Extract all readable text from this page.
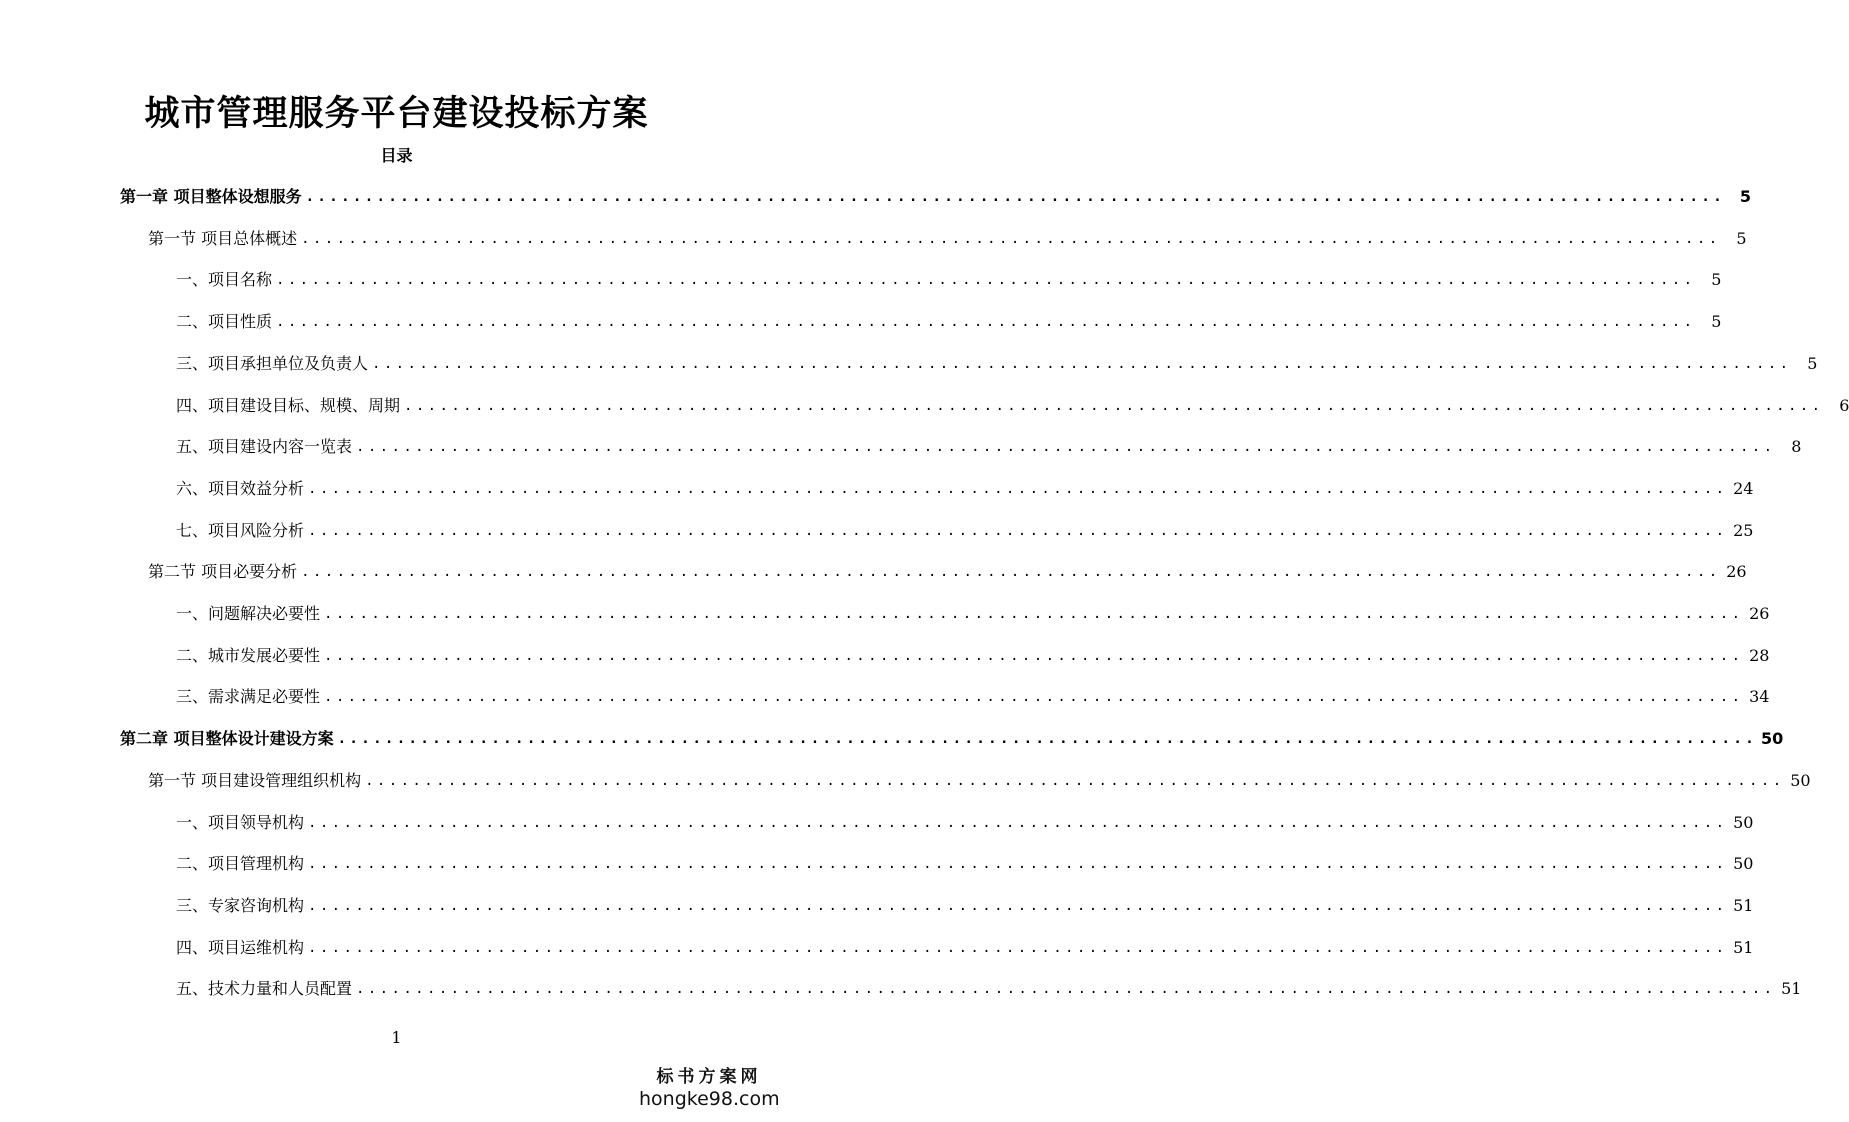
城市管理服务平台建设投标方案
目录
第一章 项目整体设想服务 ........................................................................................................................ 5
第一节 项目总体概述 ........................................................................................................................ 5
一、项目名称 ........................................................................................................................ 5
二、项目性质 ........................................................................................................................ 5
三、项目承担单位及负责人 ........................................................................................................................ 5
四、项目建设目标、规模、周期 ........................................................................................................................ 6
五、项目建设内容一览表 ........................................................................................................................ 8
六、项目效益分析 ........................................................................................................................ 24
七、项目风险分析 ........................................................................................................................ 25
第二节 项目必要分析 ........................................................................................................................ 26
一、问题解决必要性 ........................................................................................................................ 26
二、城市发展必要性 ........................................................................................................................ 28
三、需求满足必要性 ........................................................................................................................ 34
第二章 项目整体设计建设方案 ........................................................................................................................ 50
第一节 项目建设管理组织机构 ........................................................................................................................ 50
一、项目领导机构 ........................................................................................................................ 50
二、项目管理机构 ........................................................................................................................ 50
三、专家咨询机构 ........................................................................................................................ 51
四、项目运维机构 ........................................................................................................................ 51
五、技术力量和人员配置 ........................................................................................................................ 51
1
标书方案网
hongke98.com
